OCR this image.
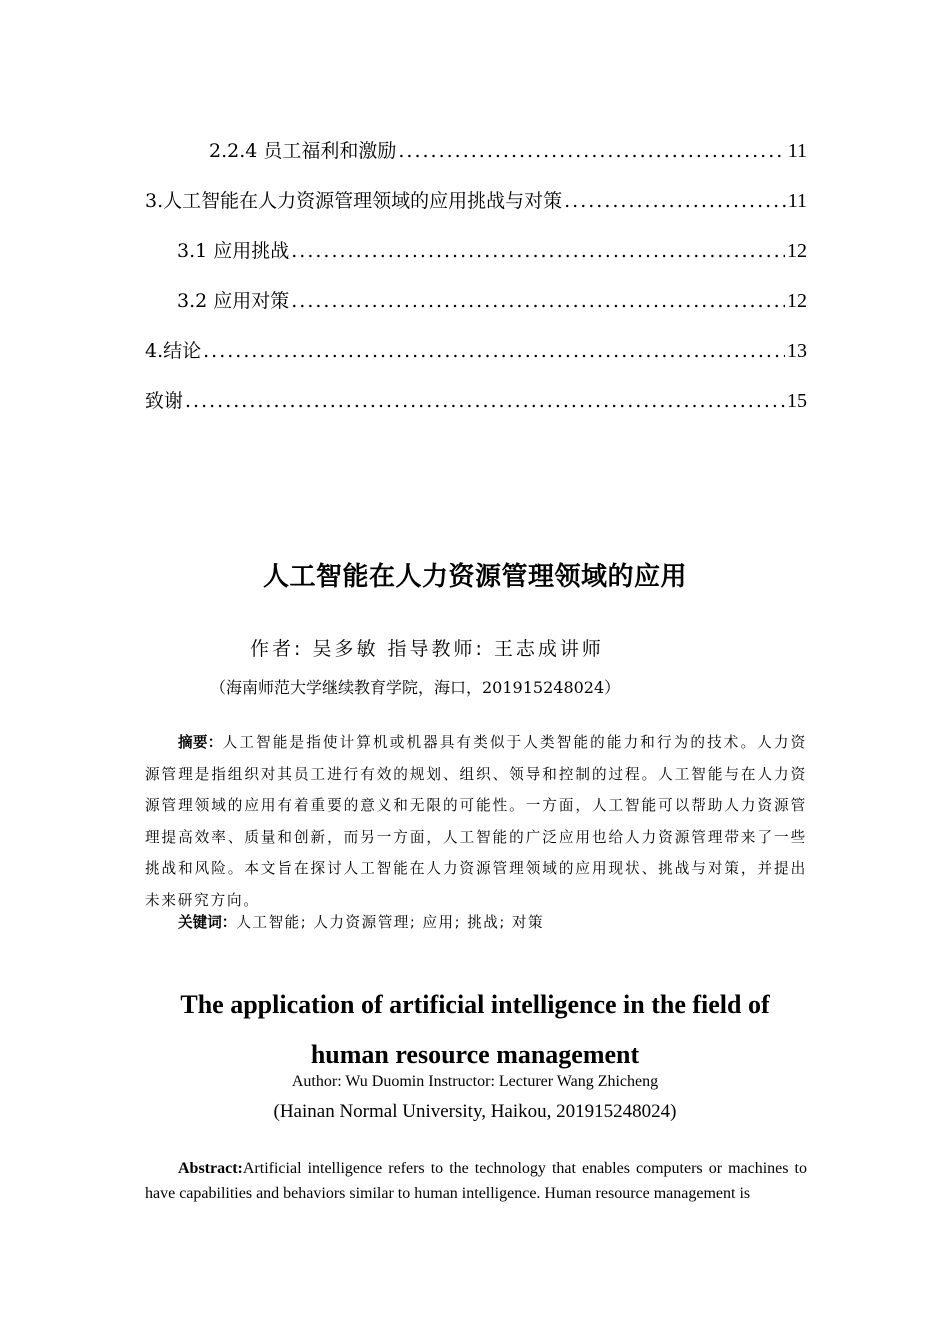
2.2.4 员工福利和激励 .....	11
3.人工智能在人力资源管理领域的应用挑战与对策 .....	11
3.1 应用挑战 .....	12
3.2 应用对策 .....	12
4.结论 .....	13
致谢 .....	15
人工智能在人力资源管理领域的应用
作者: 吴多敏 指导教师: 王志成讲师
（海南师范大学继续教育学院，海口，201915248024）
摘要：人工智能是指使计算机或机器具有类似于人类智能的能力和行为的技术。人力资源管理是指组织对其员工进行有效的规划、组织、领导和控制的过程。人工智能与在人力资源管理领域的应用有着重要的意义和无限的可能性。一方面，人工智能可以帮助人力资源管理提高效率、质量和创新，而另一方面，人工智能的广泛应用也给人力资源管理带来了一些挑战和风险。本文旨在探讨人工智能在人力资源管理领域的应用现状、挑战与对策，并提出未来研究方向。
关键词：人工智能; 人力资源管理; 应用; 挑战; 对策
The application of artificial intelligence in the field of
human resource management
Author: Wu Duomin Instructor: Lecturer Wang Zhicheng
(Hainan Normal University, Haikou, 201915248024)
Abstract:Artificial intelligence refers to the technology that enables computers or machines to have capabilities and behaviors similar to human intelligence. Human resource management is
